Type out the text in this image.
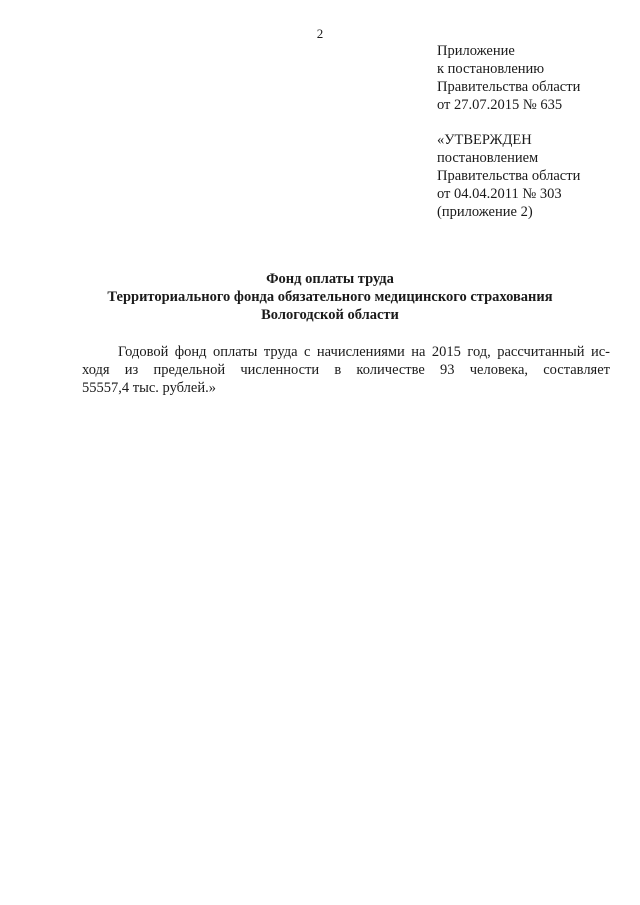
2
Приложение
к постановлению
Правительства области
от 27.07.2015 № 635
«УТВЕРЖДЕН
постановлением
Правительства области
от 04.04.2011 № 303
(приложение 2)
Фонд оплаты труда
Территориального фонда обязательного медицинского страхования
Вологодской области
Годовой фонд оплаты труда с начислениями на 2015 год, рассчитанный ис-
ходя из предельной численности в количестве 93 человека, составляет
55557,4 тыс. рублей.»
